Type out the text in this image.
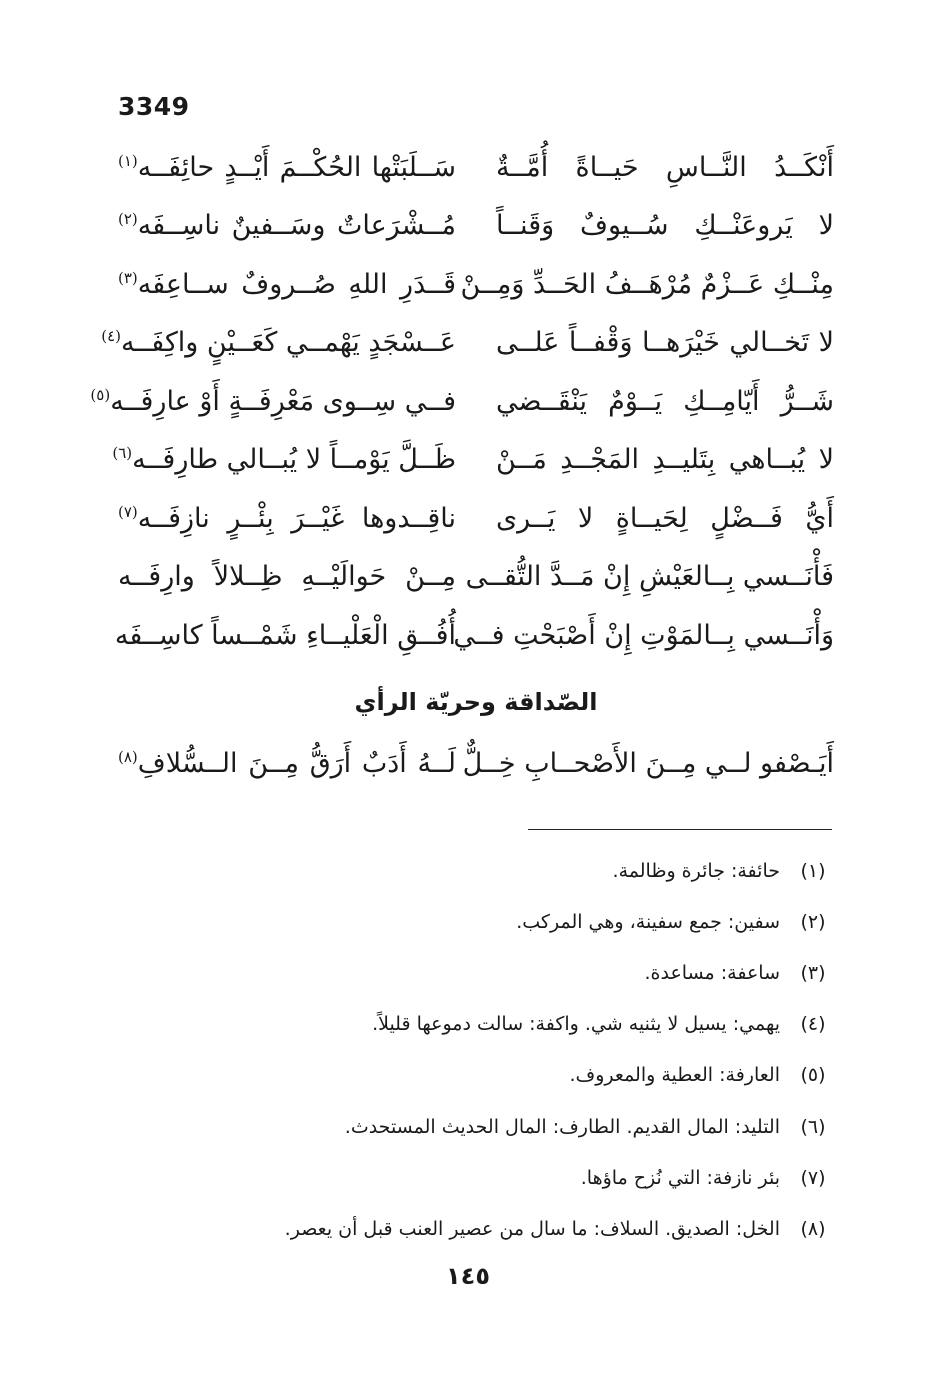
3349
أَنْكَــدُ النَّــاسِ حَيــاةً أُمَّــةٌ
سَــلَبَتْها الحُكْــمَ أَيْــدٍ حائِفَــه$^{(١)}$
لا يَروعَنْــكِ سُــيوفٌ وَقَنــاً
مُــشْرَعاتٌ وسَــفينٌ ناسِــفَه$^{(٢)}$
مِنْــكِ عَــزْمٌ مُرْهَــفُ الحَــدِّ وَمِــنْ
قَــدَرِ اللهِ صُــروفٌ ســاعِفَه$^{(٣)}$
لا تَخــالي خَيْرَهــا وَقْفــاً عَلــى
عَــسْجَدٍ يَهْمــي كَعَــيْنٍ واكِفَــه$^{(٤)}$
شَــرُّ أَيّامِــكِ يَــوْمٌ يَنْقَــضي
فــي سِــوى مَعْرِفَــةٍ أَوْ عارِفَــه$^{(٥)}$
لا يُبــاهي بِتَليــدِ المَجْــدِ مَــنْ
ظَــلَّ يَوْمــاً لا يُبــالي طارِفَــه$^{(٦)}$
أَيُّ فَــضْلٍ لِحَيــاةٍ لا يَــرى
ناقِــدوها غَيْــرَ بِئْــرٍ نازِفَــه$^{(٧)}$
فَأْنَــسي بِــالعَيْشِ إِنْ مَــدَّ التُّقــى
مِــنْ حَوالَيْــهِ ظِــلالاً وارِفَــه
وَأْنَــسي بِــالمَوْتِ إِنْ أَصْبَحْتِ فــي
أُفُــقِ الْعَلْيــاءِ شَمْــساً كاسِــفَه
الصّداقة وحريّة الرأي
أَيَـصْفو لــي مِــنَ الأَصْحــابِ خِــلٌّ
لَــهُ أَدَبٌ أَرَقُّ مِــنَ الــسُّلافِ$^{(٨)}$
(١)
حائفة: جائرة وظالمة.
(٢)
سفين: جمع سفينة، وهي المركب.
(٣)
ساعفة: مساعدة.
(٤)
يهمي: يسيل لا يثنيه شي. واكفة: سالت دموعها قليلاً.
(٥)
العارفة: العطية والمعروف.
(٦)
التليد: المال القديم. الطارف: المال الحديث المستحدث.
(٧)
بئر نازفة: التي نُزح ماؤها.
(٨)
الخل: الصديق. السلاف: ما سال من عصير العنب قبل أن يعصر.
١٤٥
